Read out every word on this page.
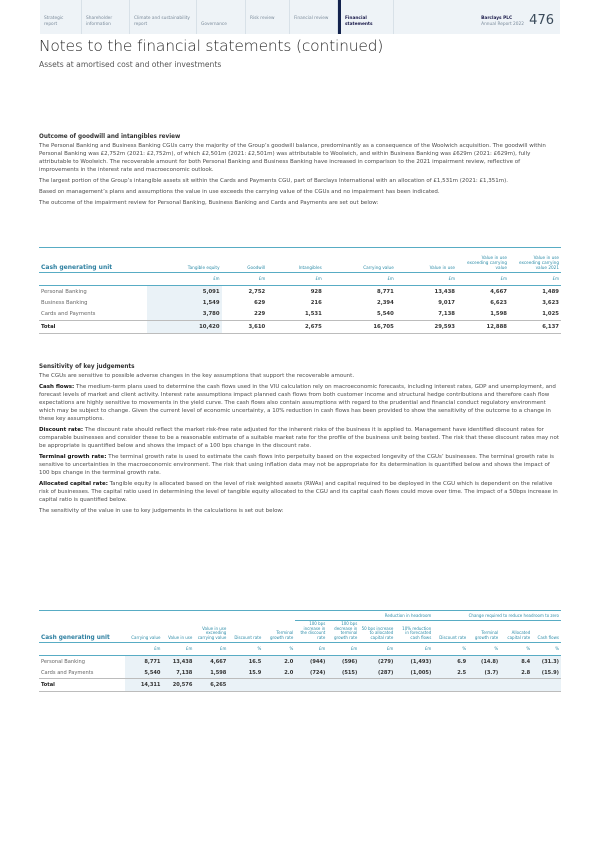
Strategic report
Shareholder information
Climate and sustainability report	Governance
Risk review	Financial review	Financial statements
Barclays PLC
Annual Report 2022 476
Notes to the financial statements (continued)
Assets at amortised cost and other investments
Outcome of goodwill and intangibles review

The Personal Banking and Business Banking CGUs carry the majority of the Group’s goodwill balance, predominantly as a consequence of the Woolwich acquisition. The goodwill within Personal Banking was £2,752m (2021: £2,752m), of which £2,501m (2021: £2,501m) was attributable to Woolwich, and within Business Banking was £629m (2021: £629m), fully attributable to Woolwich. The recoverable amount for both Personal Banking and Business Banking have increased in comparison to the 2021 impairment review, reflective of improvements in the interest rate and macroeconomic outlook.

The largest portion of the Group’s intangible assets sit within the Cards and Payments CGU, part of Barclays International with an allocation of £1,531m (2021: £1,351m).

Based on management’s plans and assumptions the value in use exceeds the carrying value of the CGUs and no impairment has been indicated.

The outcome of the impairment review for Personal Banking, Business Banking and Cards and Payments are set out below:

Cash generating unit	Tangible equity	Goodwill	Intangibles	Carrying value	Value in use	Value in use exceeding carrying value	Value in use exceeding carrying value 2021
	£m	£m	£m	£m	£m	£m	£m
Personal Banking	5,091	2,752	928	8,771	13,438	4,667	1,489
Business Banking	1,549	629	216	2,394	9,017	6,623	3,623
Cards and Payments	3,780	229	1,531	5,540	7,138	1,598	1,025
Total	10,420	3,610	2,675	16,705	29,593	12,888	6,137
Sensitivity of key judgements

The CGUs are sensitive to possible adverse changes in the key assumptions that support the recoverable amount.

Cash flows: The medium-term plans used to determine the cash flows used in the VIU calculation rely on macroeconomic forecasts, including interest rates, GDP and unemployment, and forecast levels of market and client activity. Interest rate assumptions impact planned cash flows from both customer income and structural hedge contributions and therefore cash flow expectations are highly sensitive to movements in the yield curve. The cash flows also contain assumptions with regard to the prudential and financial conduct regulatory environment which may be subject to change. Given the current level of economic uncertainty, a 10% reduction in cash flows has been provided to show the sensitivity of the outcome to a change in these key assumptions.

Discount rate: The discount rate should reflect the market risk-free rate adjusted for the inherent risks of the business it is applied to. Management have identified discount rates for comparable businesses and consider these to be a reasonable estimate of a suitable market rate for the profile of the business unit being tested. The risk that these discount rates may not be appropriate is quantified below and shows the impact of a 100 bps change in the discount rate.

Terminal growth rate: The terminal growth rate is used to estimate the cash flows into perpetuity based on the expected longevity of the CGUs’ businesses. The terminal growth rate is sensitive to uncertainties in the macroeconomic environment. The risk that using inflation data may not be appropriate for its determination is quantified below and shows the impact of 100 bps change in the terminal growth rate.

Allocated capital rate: Tangible equity is allocated based on the level of risk weighted assets (RWAs) and capital required to be deployed in the CGU which is dependent on the relative risk of businesses. The capital ratio used in determining the level of tangible equity allocated to the CGU and its capital cash flows could move over time. The impact of a 50bps increase in capital ratio is quantified below.

The sensitivity of the value in use to key judgements in the calculations is set out below:

						Reduction in headroom				Change required to reduce headroom to zero			
Cash generating unit	Carrying value	Value in use	Value in use exceeding carrying value	Discount rate	Terminal growth rate	100 bps increase in the discount rate	100 bps decrease in terminal growth rate	50 bps increase to allocated capital rate	10% reduction in forecasted cash flows	Discount rate	Terminal growth rate	Allocated capital rate	Cash flows
	£m	£m	£m	%	%	£m	£m	£m	£m	%	%	%	%
Personal Banking	8,771	13,438	4,667	16.5	2.0	(944)	(596)	(279)	(1,493)	6.9	(14.8)	8.4	(31.3)
Cards and Payments	5,540	7,138	1,598	15.9	2.0	(724)	(515)	(287)	(1,005)	2.5	(3.7)	2.8	(15.9)
Total	14,311	20,576	6,265										
